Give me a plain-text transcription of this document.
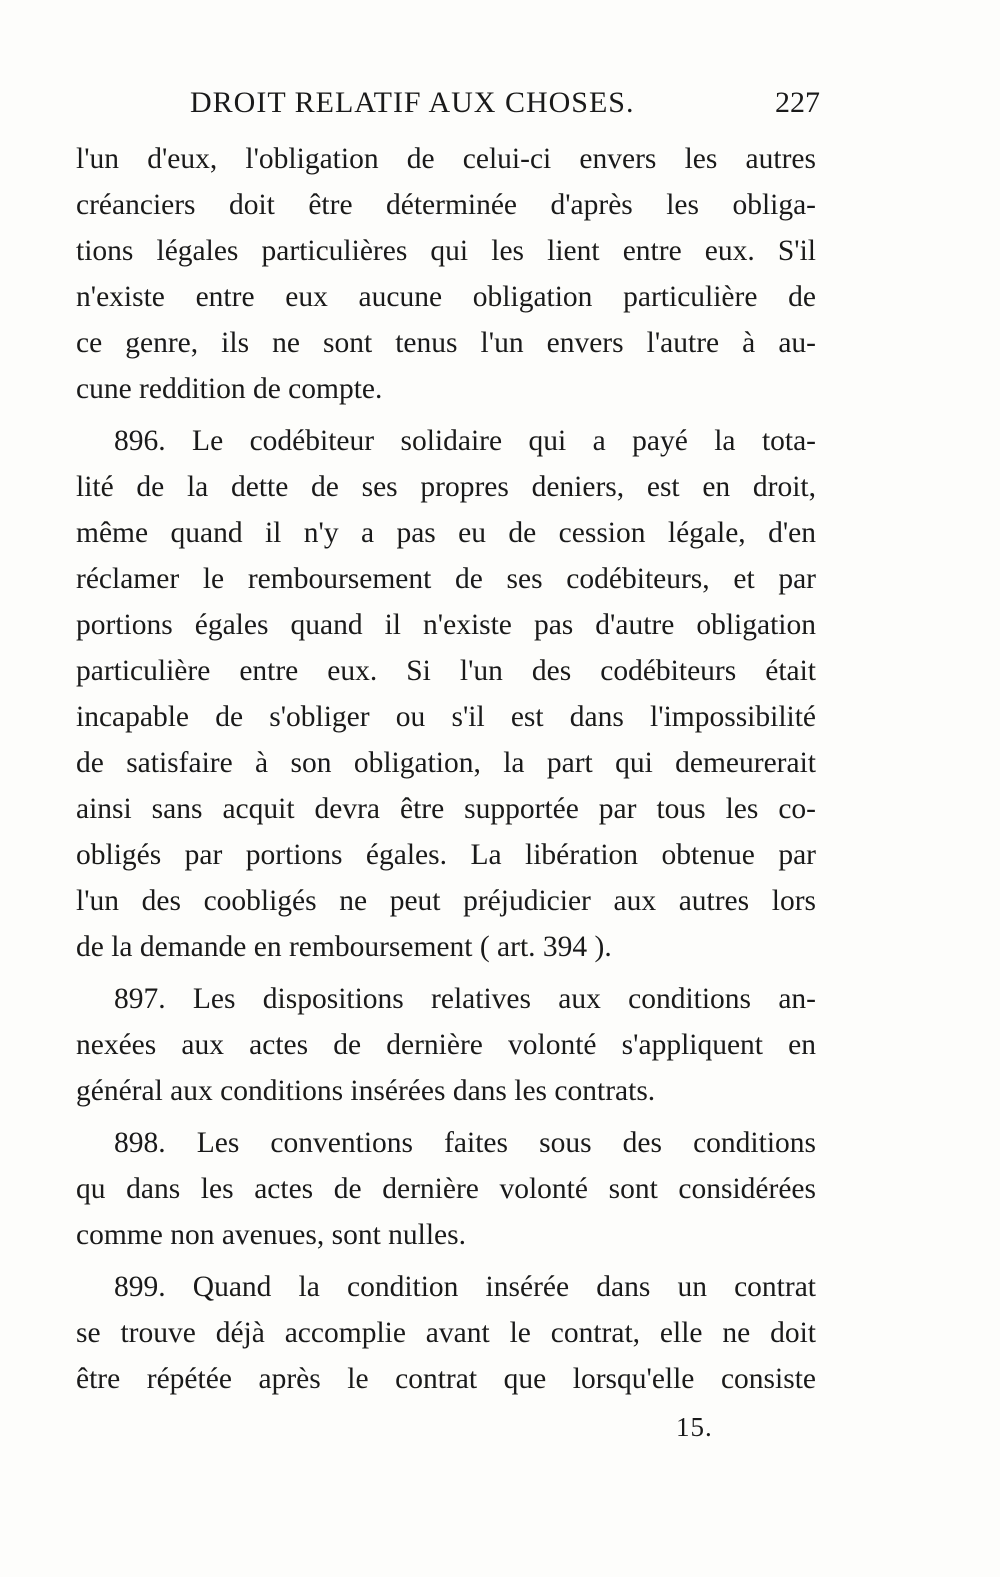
DROIT RELATIF AUX CHOSES.	227
l'un d'eux, l'obligation de celui-ci envers les autres
créanciers doit être déterminée d'après les obliga-
tions légales particulières qui les lient entre eux. S'il
n'existe entre eux aucune obligation particulière de
ce genre, ils ne sont tenus l'un envers l'autre à au-
cune reddition de compte.
896. Le codébiteur solidaire qui a payé la tota-
lité de la dette de ses propres deniers, est en droit,
même quand il n'y a pas eu de cession légale, d'en
réclamer le remboursement de ses codébiteurs, et par
portions égales quand il n'existe pas d'autre obligation
particulière entre eux. Si l'un des codébiteurs était
incapable de s'obliger ou s'il est dans l'impossibilité
de satisfaire à son obligation, la part qui demeurerait
ainsi sans acquit devra être supportée par tous les co-
obligés par portions égales. La libération obtenue par
l'un des coobligés ne peut préjudicier aux autres lors
de la demande en remboursement ( art. 394 ).
897. Les dispositions relatives aux conditions an-
nexées aux actes de dernière volonté s'appliquent en
général aux conditions insérées dans les contrats.
898. Les conventions faites sous des conditions
qu dans les actes de dernière volonté sont considérées
comme non avenues, sont nulles.
899. Quand la condition insérée dans un contrat
se trouve déjà accomplie avant le contrat, elle ne doit
être répétée après le contrat que lorsqu'elle consiste
15.
